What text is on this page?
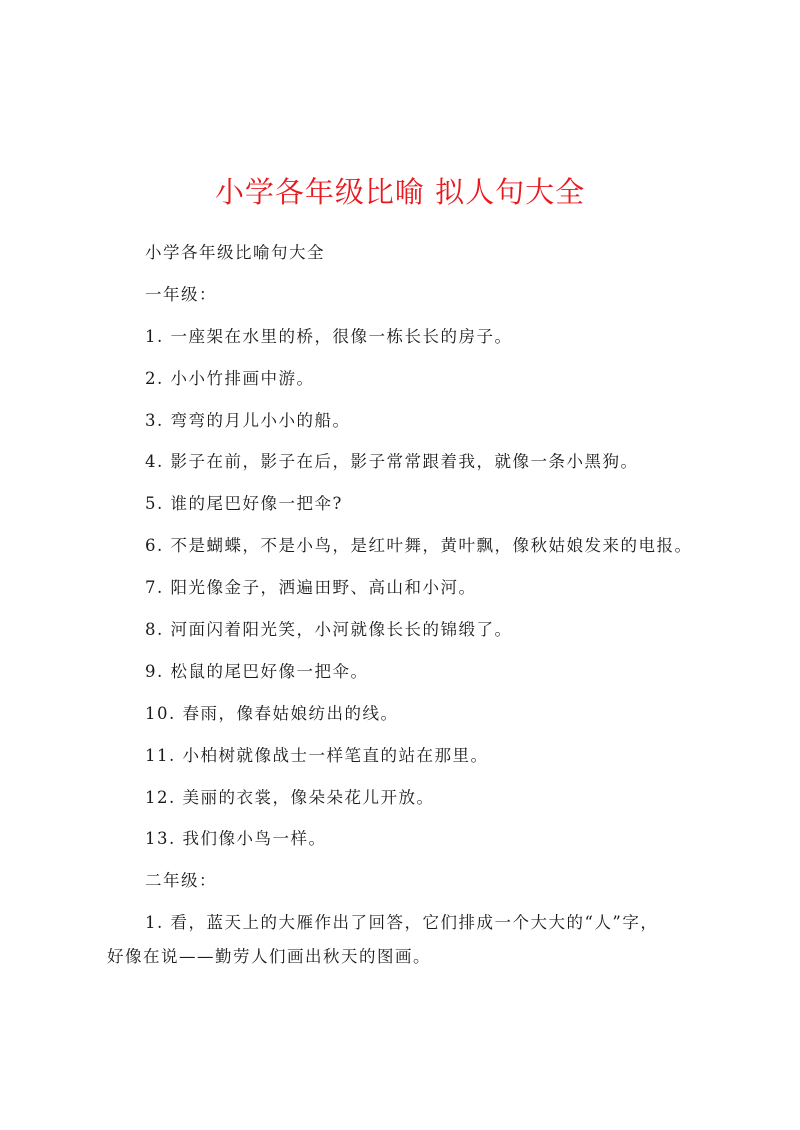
小学各年级比喻 拟人句大全

小学各年级比喻句大全

一年级：

1. 一座架在水里的桥，很像一栋长长的房子。

2. 小小竹排画中游。

3. 弯弯的月儿小小的船。

4. 影子在前，影子在后，影子常常跟着我，就像一条小黑狗。

5. 谁的尾巴好像一把伞?

6. 不是蝴蝶，不是小鸟，是红叶舞，黄叶飘，像秋姑娘发来的电报。

7. 阳光像金子，洒遍田野、高山和小河。

8. 河面闪着阳光笑，小河就像长长的锦缎了。

9. 松鼠的尾巴好像一把伞。

10. 春雨，像春姑娘纺出的线。

11. 小柏树就像战士一样笔直的站在那里。

12. 美丽的衣裳，像朵朵花儿开放。

13. 我们像小鸟一样。

二年级：

1. 看，蓝天上的大雁作出了回答，它们排成一个大大的“人”字，

好像在说——勤劳人们画出秋天的图画。
